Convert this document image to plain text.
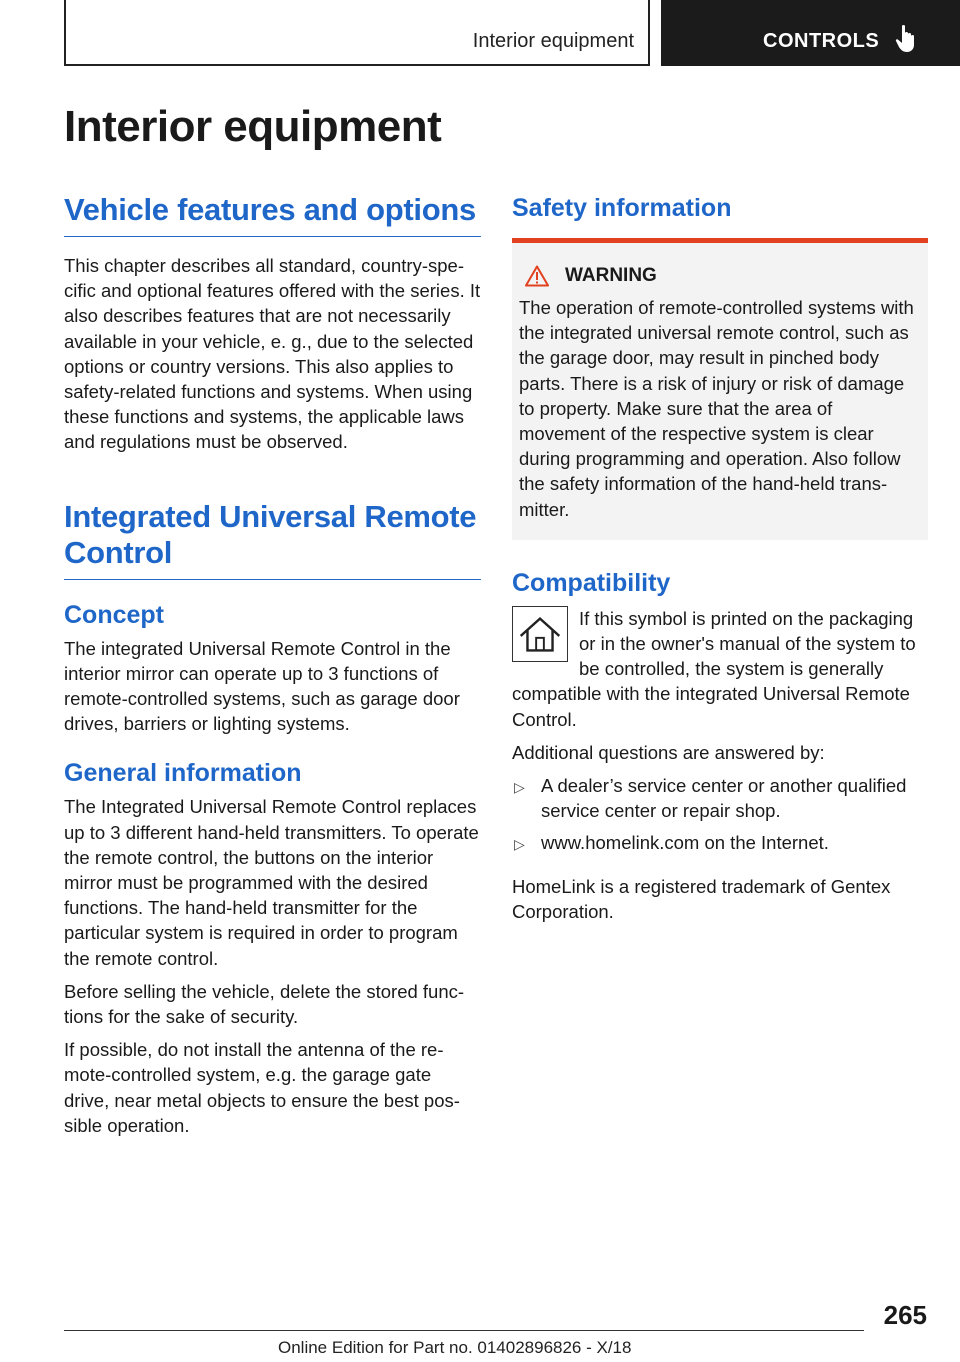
Interior equipment	CONTROLS
Interior equipment
Vehicle features and options

This chapter describes all standard, country-specific and optional features offered with the series. It also describes features that are not necessarily available in your vehicle, e. g., due to the selected options or country versions. This also applies to safety-related functions and systems. When using these functions and systems, the applicable laws and regulations must be observed.

Integrated Universal Remote Control
Concept

The integrated Universal Remote Control in the interior mirror can operate up to 3 functions of remote-controlled systems, such as garage door drives, barriers or lighting systems.

General information

The Integrated Universal Remote Control replaces up to 3 different hand-held transmitters. To operate the remote control, the buttons on the interior mirror must be programmed with the desired functions. The hand-held transmitter for the particular system is required in order to program the remote control.

Before selling the vehicle, delete the stored functions for the sake of security.

If possible, do not install the antenna of the remote-controlled system, e.g. the garage gate drive, near metal objects to ensure the best possible operation.

Safety information
WARNING

The operation of remote-controlled systems with the integrated universal remote control, such as the garage door, may result in pinched body parts. There is a risk of injury or risk of damage to property. Make sure that the area of movement of the respective system is clear during programming and operation. Also follow the safety information of the hand-held transmitter.

Compatibility

If this symbol is printed on the packaging

or in the owner's manual of the system to

be controlled, the system is generally

compatible with the integrated Universal Remote Control.

Additional questions are answered by:

▷ A dealer’s service center or another qualified service center or repair shop.
▷ www.homelink.com on the Internet.

HomeLink is a registered trademark of Gentex Corporation.

265
Online Edition for Part no. 01402896826 - X/18
